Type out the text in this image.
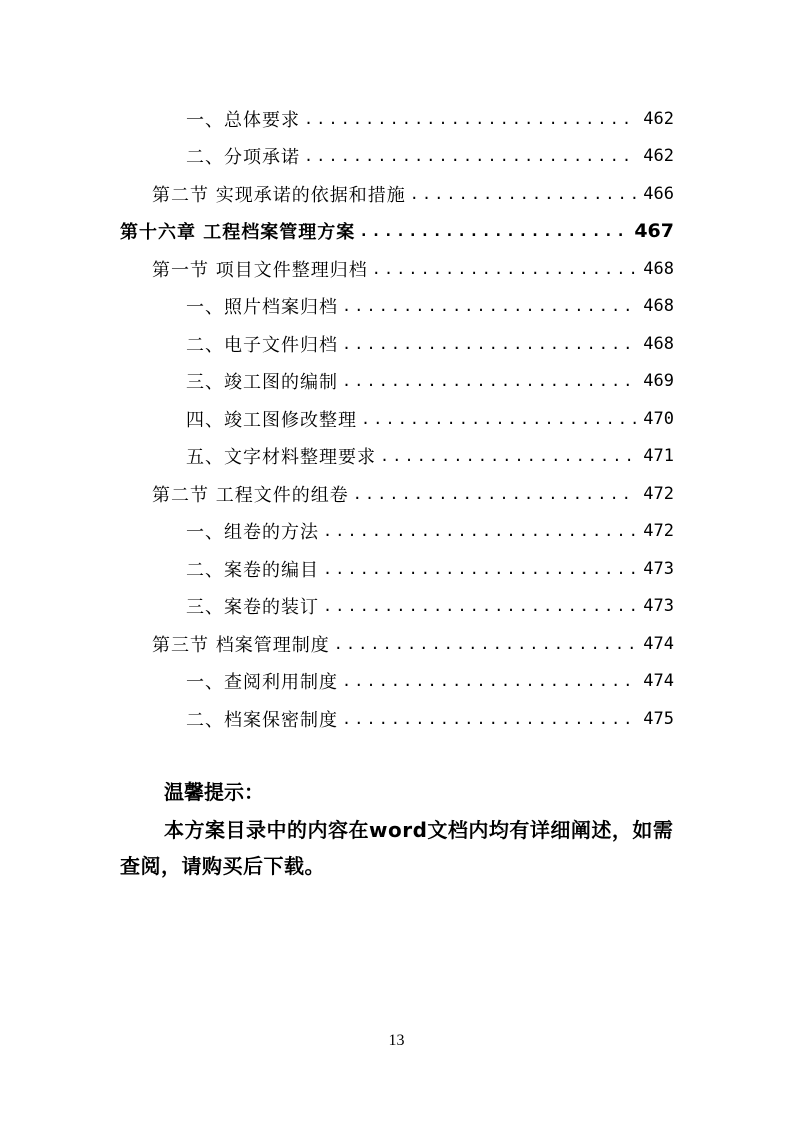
一、总体要求 .....	462
二、分项承诺 .....	462
第二节 实现承诺的依据和措施 .....	466
第十六章 工程档案管理方案 .....	467
第一节 项目文件整理归档 .....	468
一、照片档案归档 .....	468
二、电子文件归档 .....	468
三、竣工图的编制 .....	469
四、竣工图修改整理 .....	470
五、文字材料整理要求 .....	471
第二节 工程文件的组卷 .....	472
一、组卷的方法 .....	472
二、案卷的编目 .....	473
三、案卷的装订 .....	473
第三节 档案管理制度 .....	474
一、查阅利用制度 .....	474
二、档案保密制度 .....	475
温馨提示：
本方案目录中的内容在word文档内均有详细阐述，如需查阅，请购买后下载。
13
